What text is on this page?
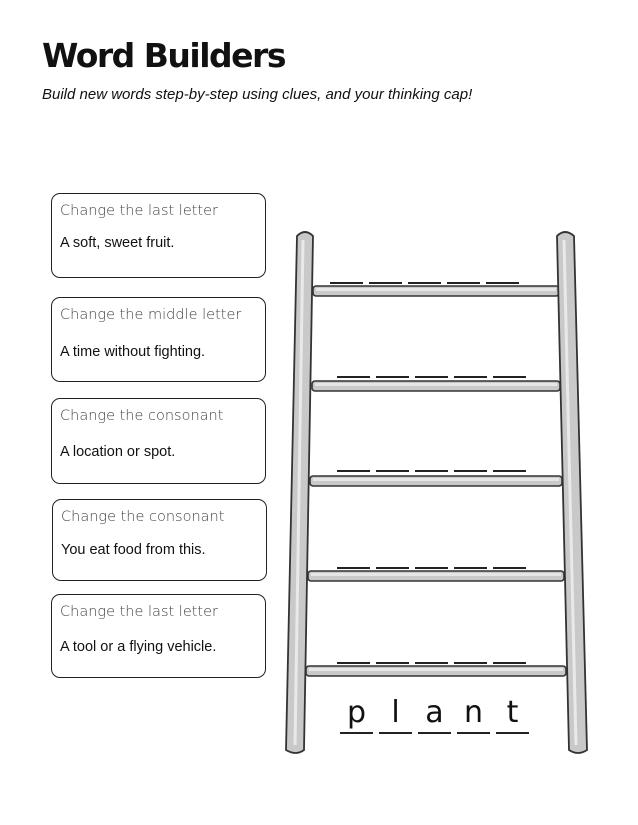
Word Builders
Build new words step-by-step using clues, and your thinking cap!
Change the last letter
A soft, sweet fruit.
Change the middle letter
A time without fighting.
Change the consonant
A location or spot.
Change the consonant
You eat food from this.
Change the last letter
A tool or a flying vehicle.
p l a n t
